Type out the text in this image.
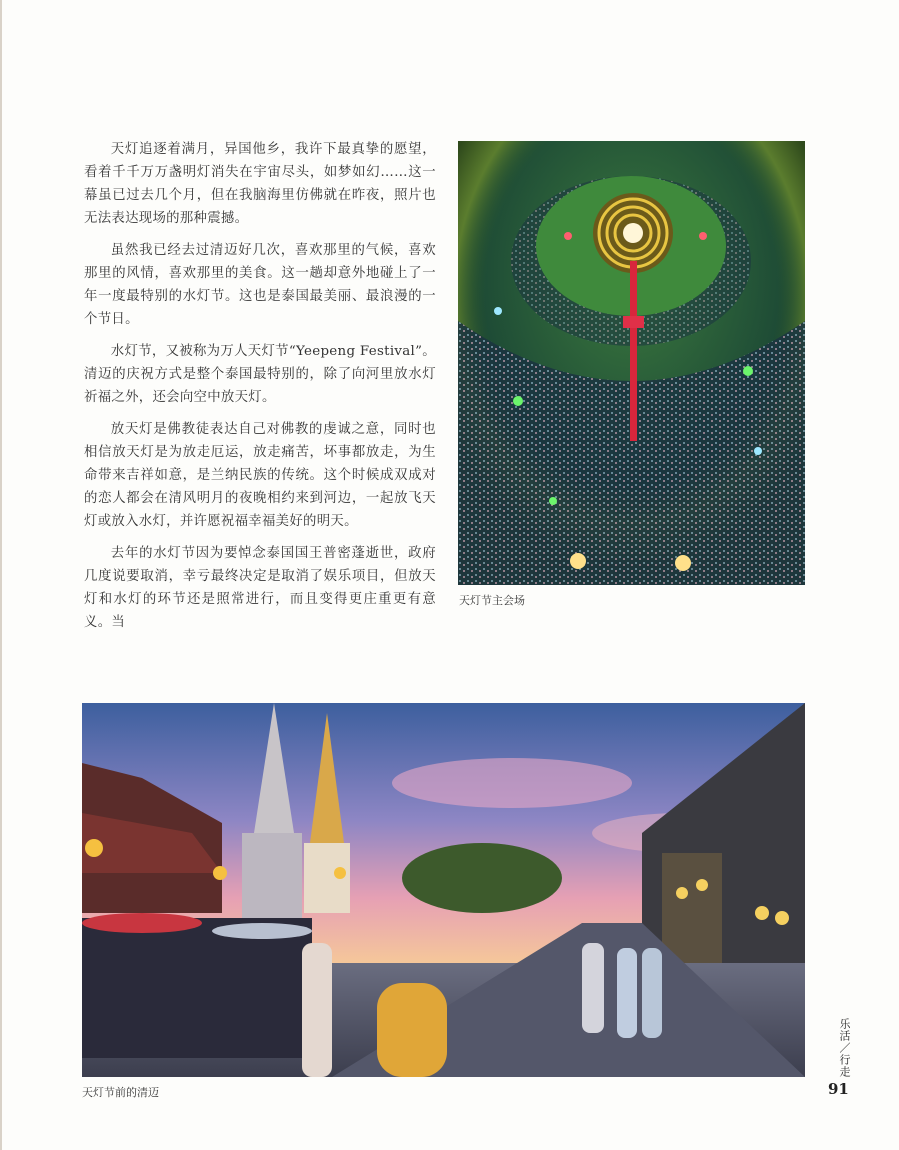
天灯追逐着满月，异国他乡，我许下最真挚的愿望，看着千千万万盏明灯消失在宇宙尽头，如梦如幻……这一幕虽已过去几个月，但在我脑海里仿佛就在昨夜，照片也无法表达现场的那种震撼。

虽然我已经去过清迈好几次，喜欢那里的气候，喜欢那里的风情，喜欢那里的美食。这一趟却意外地碰上了一年一度最特别的水灯节。这也是泰国最美丽、最浪漫的一个节日。

水灯节，又被称为万人天灯节“Yeepeng Festival”。清迈的庆祝方式是整个泰国最特别的，除了向河里放水灯祈福之外，还会向空中放天灯。

放天灯是佛教徒表达自己对佛教的虔诚之意，同时也相信放天灯是为放走厄运，放走痛苦，坏事都放走，为生命带来吉祥如意，是兰纳民族的传统。这个时候成双成对的恋人都会在清风明月的夜晚相约来到河边，一起放飞天灯或放入水灯，并许愿祝福幸福美好的明天。

去年的水灯节因为要悼念泰国国王普密蓬逝世，政府几度说要取消，幸亏最终决定是取消了娱乐项目，但放天灯和水灯的环节还是照常进行，而且变得更庄重更有意义。当

天灯节主会场
天灯节前的清迈
乐活／行走
91
